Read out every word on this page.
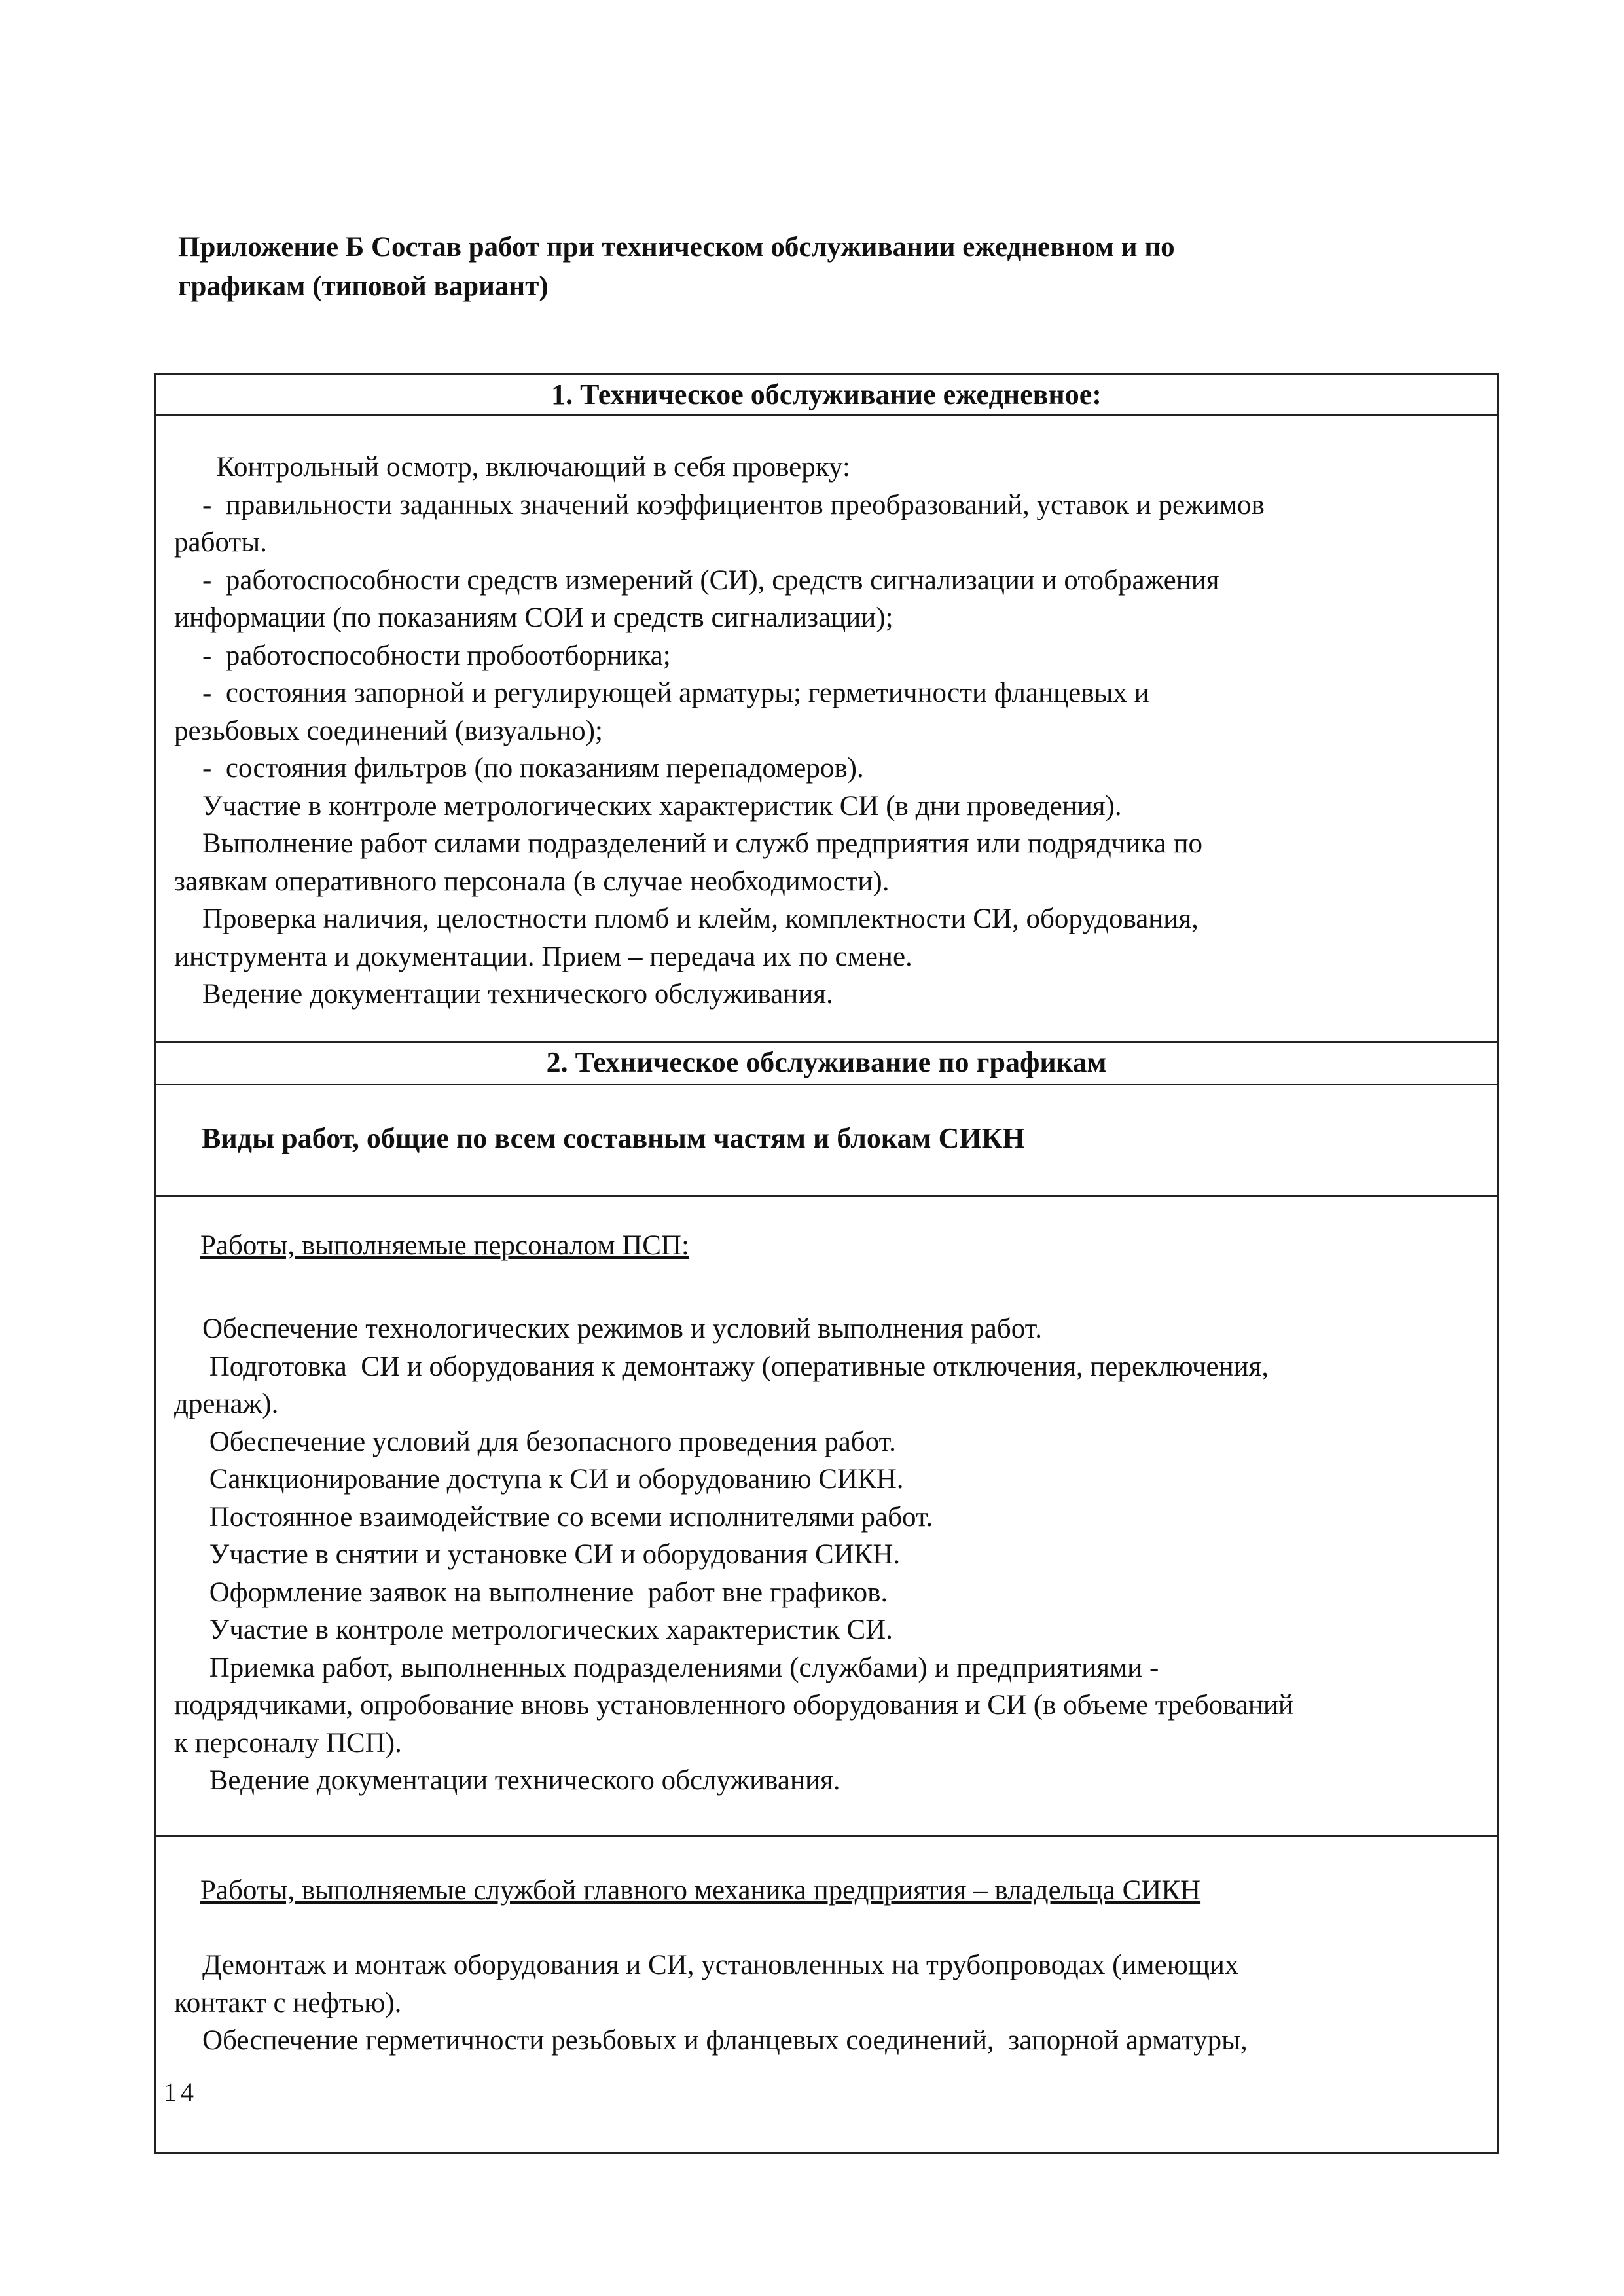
Приложение Б Состав работ при техническом обслуживании ежедневном и по
графикам (типовой вариант)
1. Техническое обслуживание ежедневное:

Контрольный осмотр, включающий в себя проверку:

-  правильности заданных значений коэффициентов преобразований, уставок и режимов

работы.

-  работоспособности средств измерений (СИ), средств сигнализации и отображения

информации (по показаниям СОИ и средств сигнализации);

-  работоспособности пробоотборника;

-  состояния запорной и регулирующей арматуры; герметичности фланцевых и

резьбовых соединений (визуально);

-  состояния фильтров (по показаниям перепадомеров).

Участие в контроле метрологических характеристик СИ (в дни проведения).

Выполнение работ силами подразделений и служб предприятия или подрядчика по

заявкам оперативного персонала (в случае необходимости).

Проверка наличия, целостности пломб и клейм, комплектности СИ, оборудования,

инструмента и документации. Прием – передача их по смене.

Ведение документации технического обслуживания.

2. Техническое обслуживание по графикам
Виды работ, общие по всем составным частям и блокам СИКН
Работы, выполняемые персоналом ПСП:

Обеспечение технологических режимов и условий выполнения работ.

Подготовка  СИ и оборудования к демонтажу (оперативные отключения, переключения,

дренаж).

Обеспечение условий для безопасного проведения работ.

Санкционирование доступа к СИ и оборудованию СИКН.

Постоянное взаимодействие со всеми исполнителями работ.

Участие в снятии и установке СИ и оборудования СИКН.

Оформление заявок на выполнение  работ вне графиков.

Участие в контроле метрологических характеристик СИ.

Приемка работ, выполненных подразделениями (службами) и предприятиями -

подрядчиками, опробование вновь установленного оборудования и СИ (в объеме требований

к персоналу ПСП).

Ведение документации технического обслуживания.

Работы, выполняемые службой главного механика предприятия – владельца СИКН

Демонтаж и монтаж оборудования и СИ, установленных на трубопроводах (имеющих

контакт с нефтью).

Обеспечение герметичности резьбовых и фланцевых соединений,  запорной арматуры,

14
